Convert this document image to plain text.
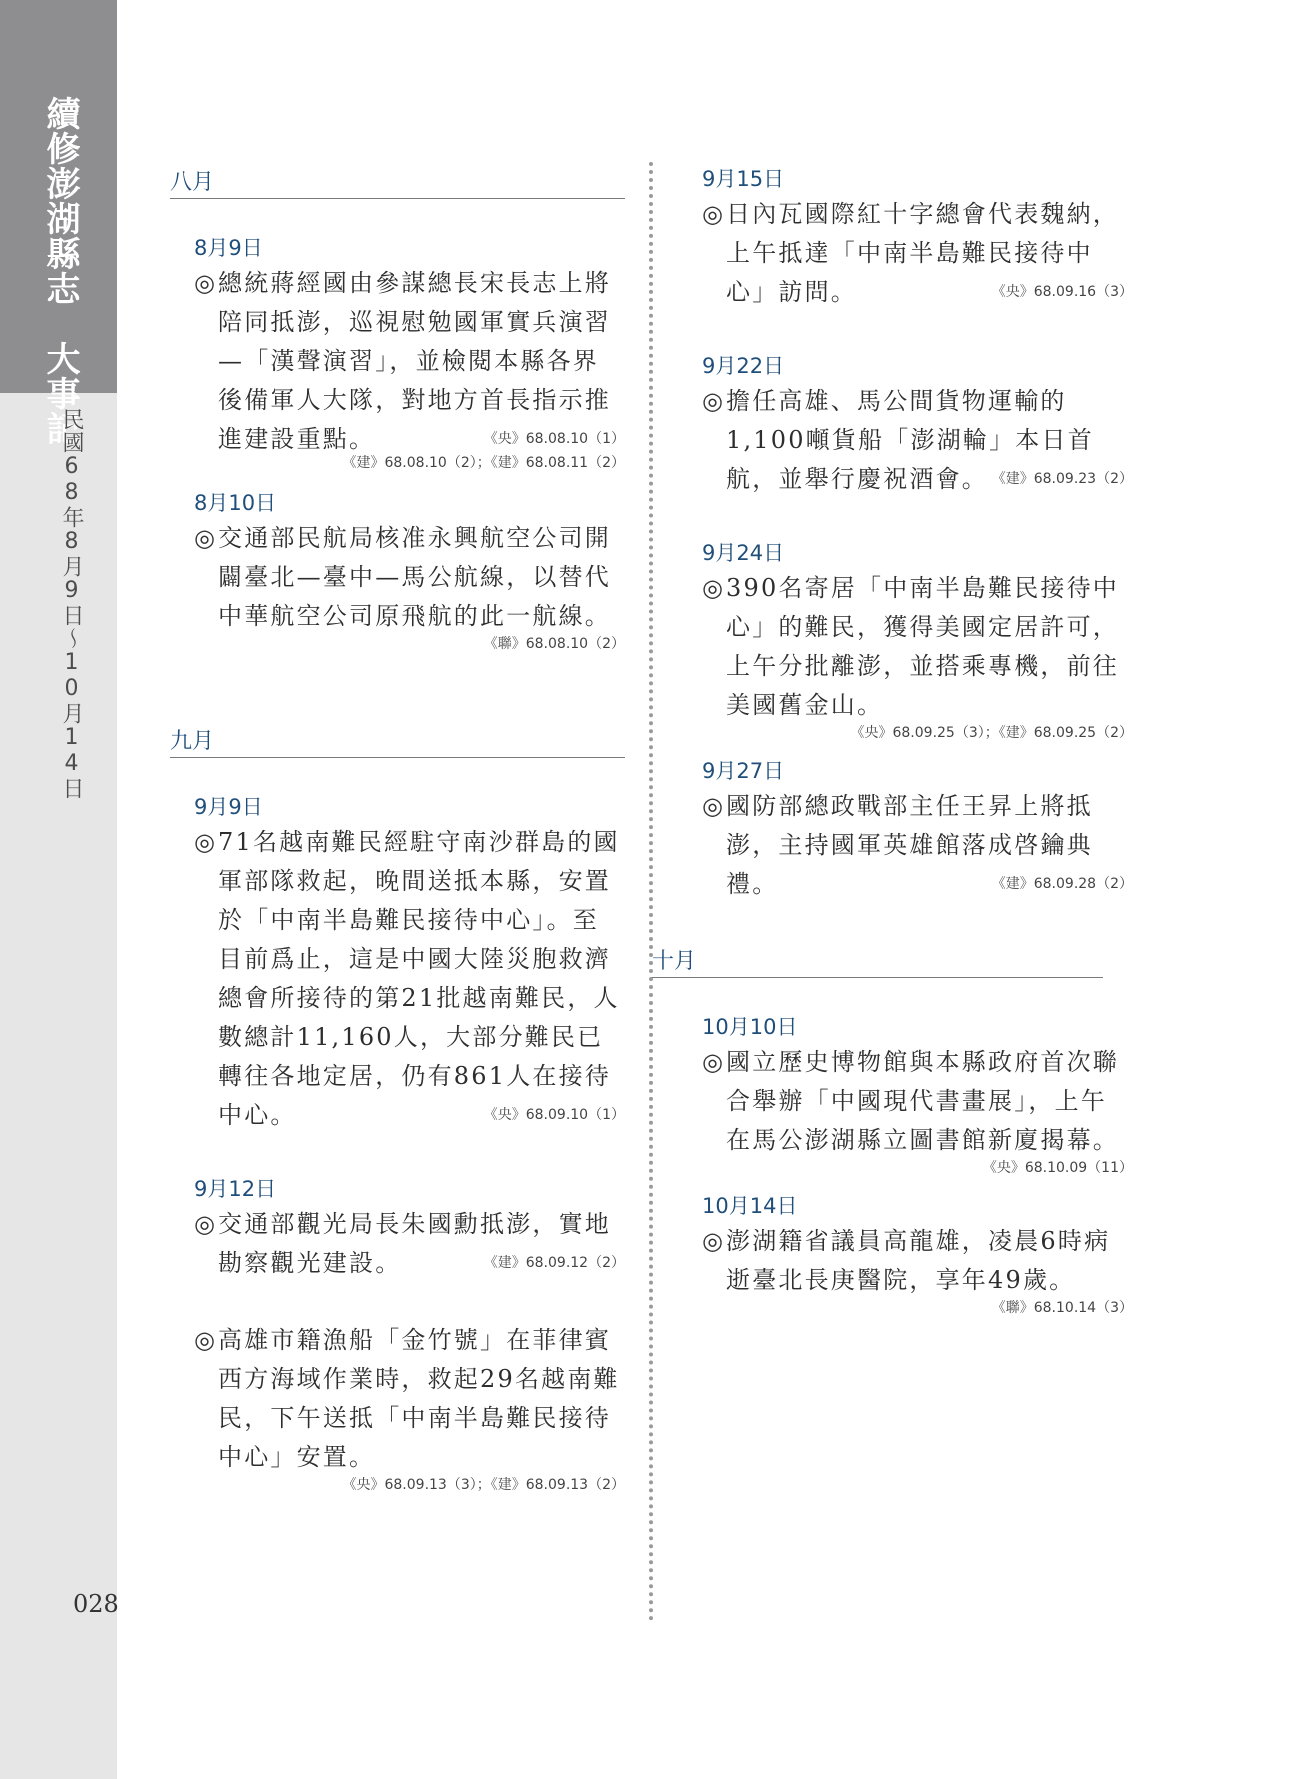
續修澎湖縣志　大事記
民國68年8月9日～10月14日
028
八月
8月9日
◎ 總統蔣經國由參謀總長宋長志上將陪同抵澎，巡視慰勉國軍實兵演習—「漢聲演習」，並檢閱本縣各界後備軍人大隊，對地方首長指示推進建設重點。	《央》68.08.10（1）
《建》68.08.10（2）；《建》68.08.11（2）
8月10日
◎ 交通部民航局核准永興航空公司開闢臺北—臺中—馬公航線，以替代中華航空公司原飛航的此一航線。
《聯》68.08.10（2）
九月
9月9日
◎ 71名越南難民經駐守南沙群島的國軍部隊救起，晚間送抵本縣，安置於「中南半島難民接待中心」。至目前爲止，這是中國大陸災胞救濟總會所接待的第21批越南難民，人數總計11,160人，大部分難民已轉往各地定居，仍有861人在接待中心。	《央》68.09.10（1）
9月12日
◎ 交通部觀光局長朱國勳抵澎，實地勘察觀光建設。	《建》68.09.12（2）
◎ 高雄市籍漁船「金竹號」在菲律賓西方海域作業時，救起29名越南難民，下午送抵「中南半島難民接待中心」安置。
《央》68.09.13（3）；《建》68.09.13（2）
9月15日
◎ 日內瓦國際紅十字總會代表魏納，上午抵達「中南半島難民接待中心」訪問。	《央》68.09.16（3）
9月22日
◎ 擔任高雄、馬公間貨物運輸的1,100噸貨船「澎湖輪」本日首航，並舉行慶祝酒會。 《建》68.09.23（2）
9月24日
◎ 390名寄居「中南半島難民接待中心」的難民，獲得美國定居許可，上午分批離澎，並搭乘專機，前往美國舊金山。
《央》68.09.25（3）；《建》68.09.25（2）
9月27日
◎ 國防部總政戰部主任王昇上將抵澎，主持國軍英雄館落成啓鑰典禮。	《建》68.09.28（2）
十月
10月10日
◎ 國立歷史博物館與本縣政府首次聯合舉辦「中國現代書畫展」，上午在馬公澎湖縣立圖書館新廈揭幕。
《央》68.10.09（11）
10月14日
◎ 澎湖籍省議員高龍雄，凌晨6時病逝臺北長庚醫院，享年49歲。
《聯》68.10.14（3）
